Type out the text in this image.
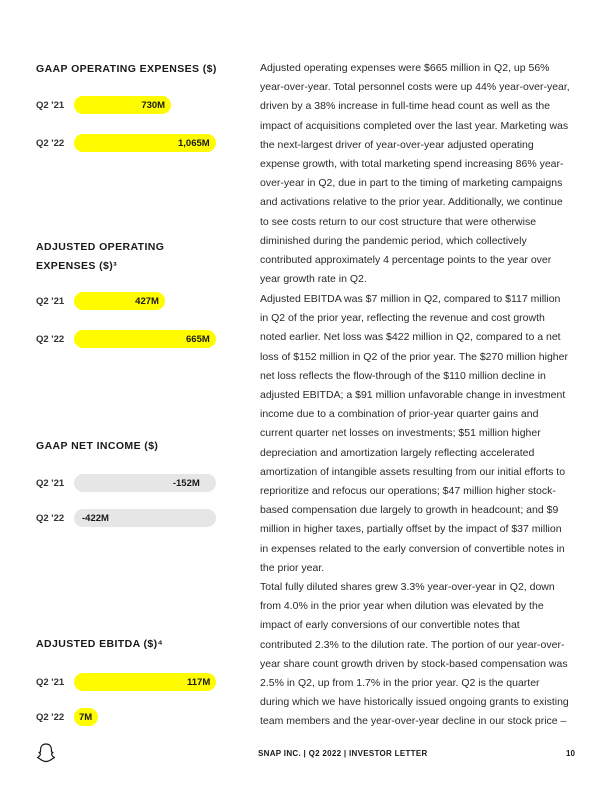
GAAP OPERATING EXPENSES ($)
Q2 '21	730M
Q2 '22	1,065M
ADJUSTED OPERATING EXPENSES ($)³
Q2 '21	427M
Q2 '22	665M
GAAP NET INCOME ($)
Q2 '21	-152M
Q2 '22 -422M
ADJUSTED EBITDA ($)⁴
Q2 '21	117M
Q2 '22 7M

Adjusted operating expenses were $665 million in Q2, up 56% year-over-year. Total personnel costs were up 44% year-over-year, driven by a 38% increase in full-time head count as well as the impact of acquisitions completed over the last year. Marketing was the next-largest driver of year-over-year adjusted operating expense growth, with total marketing spend increasing 86% year-over-year in Q2, due in part to the timing of marketing campaigns and activations relative to the prior year. Additionally, we continue to see costs return to our cost structure that were otherwise diminished during the pandemic period, which collectively contributed approximately 4 percentage points to the year over year growth rate in Q2.

Adjusted EBITDA was $7 million in Q2, compared to $117 million in Q2 of the prior year, reflecting the revenue and cost growth noted earlier. Net loss was $422 million in Q2, compared to a net loss of $152 million in Q2 of the prior year. The $270 million higher net loss reflects the flow-through of the $110 million decline in adjusted EBITDA; a $91 million unfavorable change in investment income due to a combination of prior-year quarter gains and current quarter net losses on investments; $51 million higher depreciation and amortization largely reflecting accelerated amortization of intangible assets resulting from our initial efforts to reprioritize and refocus our operations; $47 million higher stock-based compensation due largely to growth in headcount; and $9 million in higher taxes, partially offset by the impact of $37 million in expenses related to the early conversion of convertible notes in the prior year.

Total fully diluted shares grew 3.3% year-over-year in Q2, down from 4.0% in the prior year when dilution was elevated by the impact of early conversions of our convertible notes that contributed 2.3% to the dilution rate. The portion of our year-over-year share count growth driven by stock-based compensation was 2.5% in Q2, up from 1.7% in the prior year. Q2 is the quarter during which we have historically issued ongoing grants to existing team members and the year-over-year decline in our stock price –

SNAP INC. | Q2 2022 | INVESTOR LETTER	10
